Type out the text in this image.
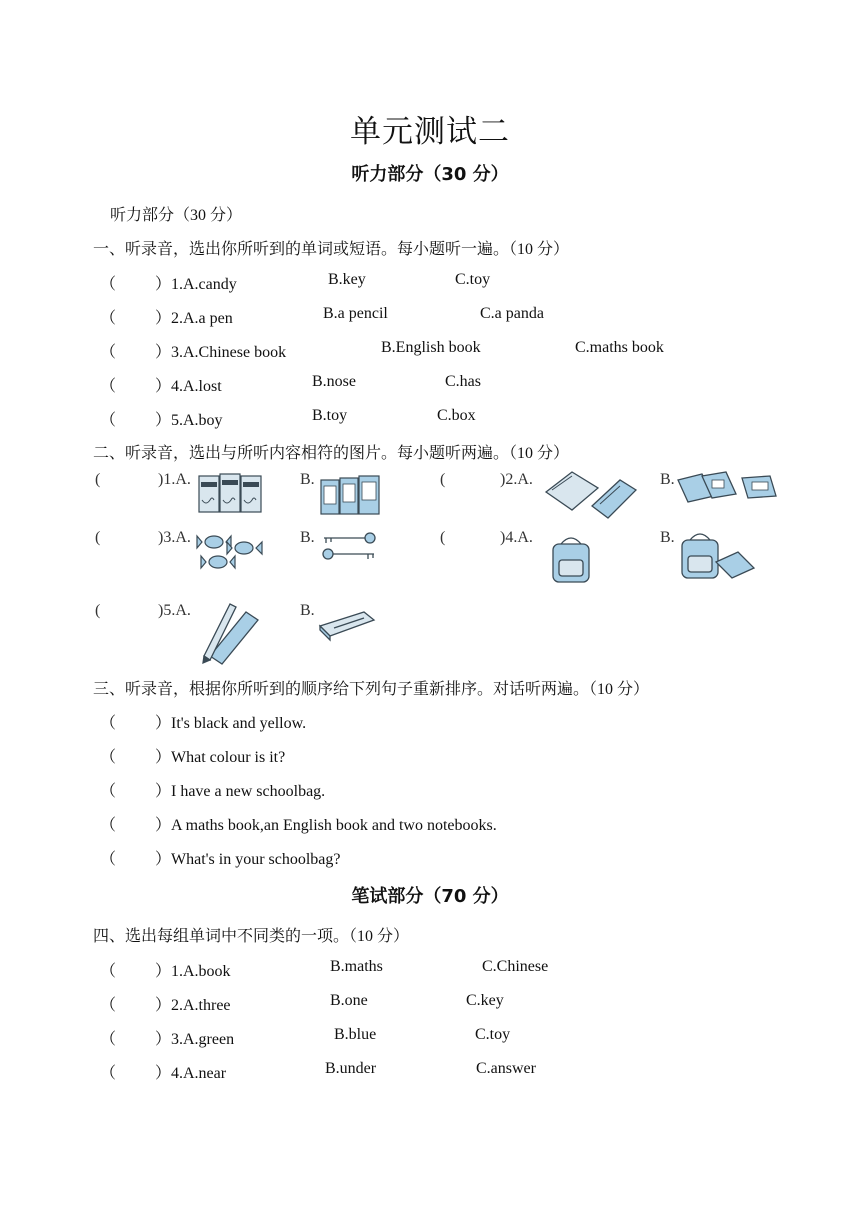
单元测试二
听力部分（30 分）
听力部分（30 分）
一、听录音，选出你所听到的单词或短语。每小题听一遍。（10 分）
（ ）1.A.candy	B.key	C.toy
（ ）2.A.a pen	B.a pencil	C.a panda
（ ）3.A.Chinese book	B.English book	C.maths book
（ ）4.A.lost	B.nose	C.has
（ ）5.A.boy	B.toy	C.box
二、听录音，选出与所听内容相符的图片。每小题听两遍。（10 分）
(	)1.A.	B.	(	)2.A.	B.
(	)3.A.	B.	(	)4.A.	B.
(	)5.A.	B.
三、听录音，根据你所听到的顺序给下列句子重新排序。对话听两遍。（10 分）
（ ）It's black and yellow.
（ ）What colour is it?
（ ）I have a new schoolbag.
（ ）A maths book,an English book and two notebooks.
（ ）What's in your schoolbag?
笔试部分（70 分）
四、选出每组单词中不同类的一项。（10 分）
（ ）1.A.book	B.maths	C.Chinese
（ ）2.A.three	B.one	C.key
（ ）3.A.green	B.blue	C.toy
（ ）4.A.near	B.under	C.answer
